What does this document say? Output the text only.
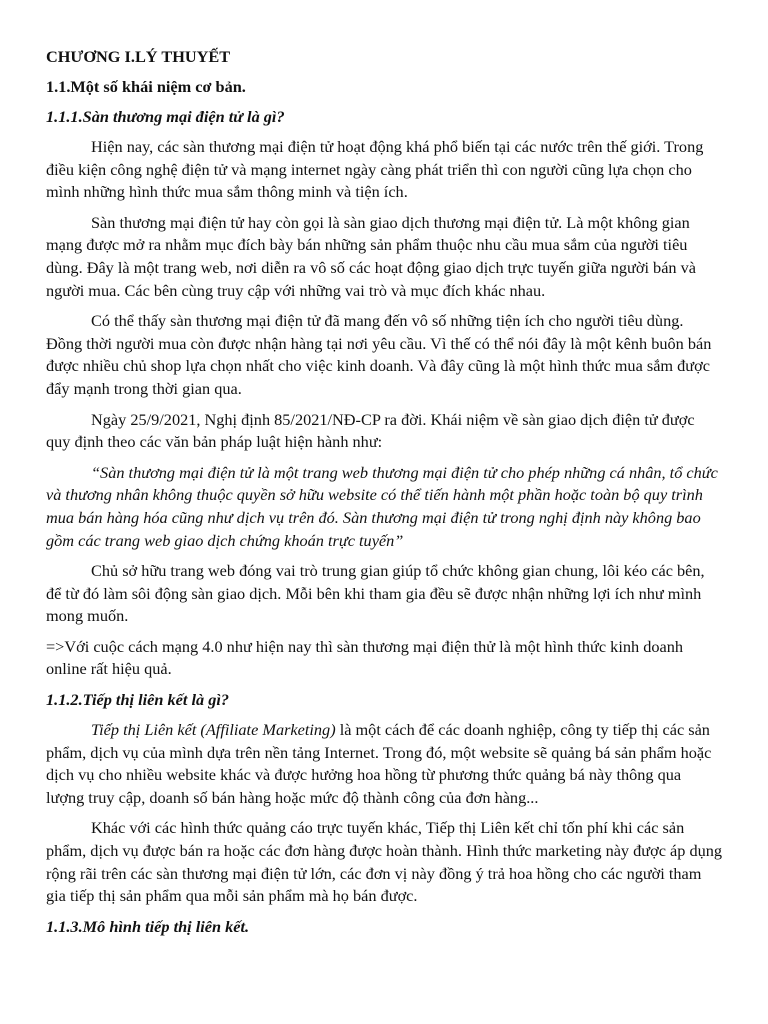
CHƯƠNG I.LÝ THUYẾT
1.1.Một số khái niệm cơ bản.
1.1.1.Sàn thương mại điện tử là gì?

Hiện nay, các sàn thương mại điện tử hoạt động khá phổ biến tại các nước trên thế giới. Trong điều kiện công nghệ điện tử và mạng internet ngày càng phát triển thì con người cũng lựa chọn cho mình những hình thức mua sắm thông minh và tiện ích.

Sàn thương mại điện tử hay còn gọi là sàn giao dịch thương mại điện tử. Là một không gian mạng được mở ra nhằm mục đích bày bán những sản phẩm thuộc nhu cầu mua sắm của người tiêu dùng. Đây là một trang web, nơi diễn ra vô số các hoạt động giao dịch trực tuyến giữa người bán và người mua. Các bên cùng truy cập với những vai trò và mục đích khác nhau.

Có thể thấy sàn thương mại điện tử đã mang đến vô số những tiện ích cho người tiêu dùng. Đồng thời người mua còn được nhận hàng tại nơi yêu cầu. Vì thế có thể nói đây là một kênh buôn bán được nhiều chủ shop lựa chọn nhất cho việc kinh doanh. Và đây cũng là một hình thức mua sắm được đẩy mạnh trong thời gian qua.

Ngày 25/9/2021, Nghị định 85/2021/NĐ-CP ra đời. Khái niệm về sàn giao dịch điện tử được quy định theo các văn bản pháp luật hiện hành như:

“Sàn thương mại điện tử là một trang web thương mại điện tử cho phép những cá nhân, tổ chức và thương nhân không thuộc quyền sở hữu website có thể tiến hành một phần hoặc toàn bộ quy trình mua bán hàng hóa cũng như dịch vụ trên đó. Sàn thương mại điện tử trong nghị định này không bao gồm các trang web giao dịch chứng khoán trực tuyến”

Chủ sở hữu trang web đóng vai trò trung gian giúp tổ chức không gian chung, lôi kéo các bên, để từ đó làm sôi động sàn giao dịch. Mỗi bên khi tham gia đều sẽ được nhận những lợi ích như mình mong muốn.

=>Với cuộc cách mạng 4.0 như hiện nay thì sàn thương mại điện thử là một hình thức kinh doanh online rất hiệu quả.

1.1.2.Tiếp thị liên kết là gì?

Tiếp thị Liên kết (Affiliate Marketing) là một cách để các doanh nghiệp, công ty tiếp thị các sản phẩm, dịch vụ của mình dựa trên nền tảng Internet. Trong đó, một website sẽ quảng bá sản phẩm hoặc dịch vụ cho nhiều website khác và được hưởng hoa hồng từ phương thức quảng bá này thông qua lượng truy cập, doanh số bán hàng hoặc mức độ thành công của đơn hàng...

Khác với các hình thức quảng cáo trực tuyến khác, Tiếp thị Liên kết chỉ tốn phí khi các sản phẩm, dịch vụ được bán ra hoặc các đơn hàng được hoàn thành. Hình thức marketing này được áp dụng rộng rãi trên các sàn thương mại điện tử lớn, các đơn vị này đồng ý trả hoa hồng cho các người tham gia tiếp thị sản phẩm qua mỗi sản phẩm mà họ bán được.

1.1.3.Mô hình tiếp thị liên kết.
